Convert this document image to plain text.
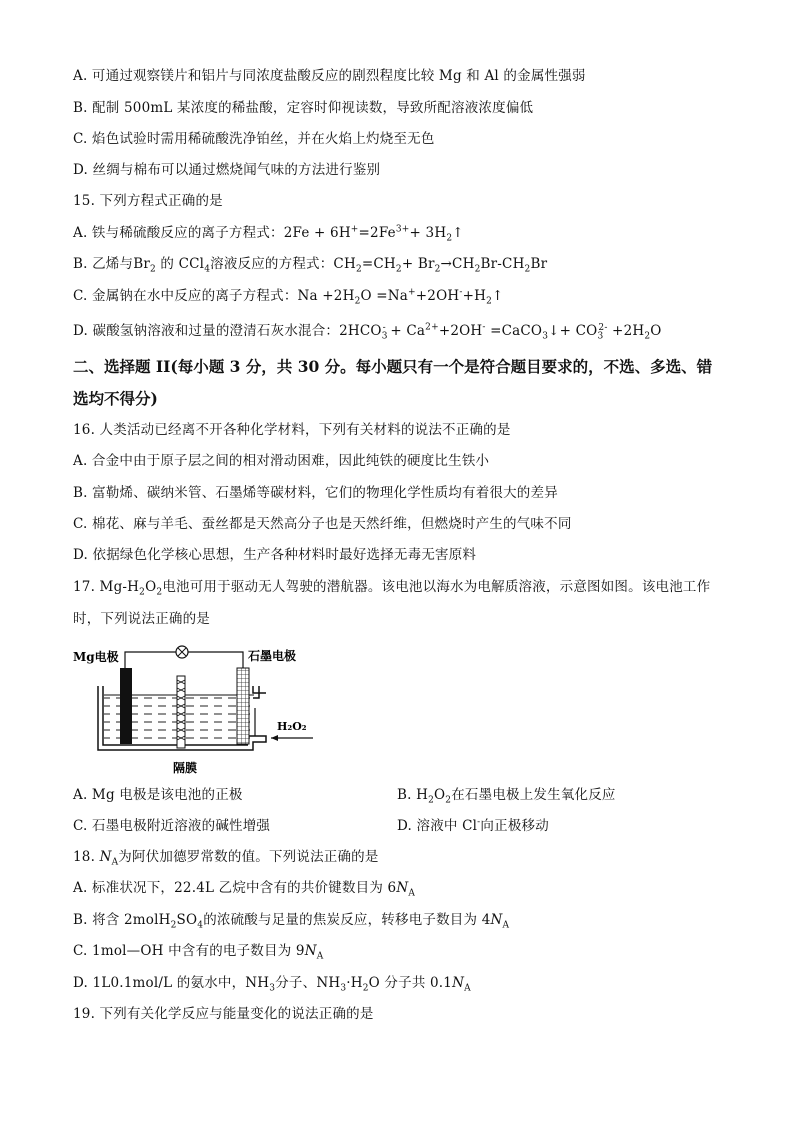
A. 可通过观察镁片和铝片与同浓度盐酸反应的剧烈程度比较 Mg 和 Al 的金属性强弱
B. 配制 500mL 某浓度的稀盐酸，定容时仰视读数，导致所配溶液浓度偏低
C. 焰色试验时需用稀硫酸洗净铂丝，并在火焰上灼烧至无色
D. 丝绸与棉布可以通过燃烧闻气味的方法进行鉴别
15. 下列方程式正确的是
A. 铁与稀硫酸反应的离子方程式：$2Fe + 6H^+=2Fe^{3+}+$ $3H_2↑$
B. 乙烯与$Br_2$ 的 CCl$_4$溶液反应的方程式：$CH_2=CH_2+ Br_2\to CH_2Br-CH_2Br$
C. 金属钠在水中反应的离子方程式：$Na +2H_2O$ $=Na^++2OH^-+H_2↑$
D. 碳酸氢钠溶液和过量的澄清石灰水混合：$2HCO_3^- + Ca^{2+}+2OH^-$ =CaCO$_3$↓+ $CO_3^{2-} +2H_2O$
二、选择题 II(每小题 3 分，共 30 分。每小题只有一个是符合题目要求的，不选、多选、错
选均不得分)
16. 人类活动已经离不开各种化学材料，下列有关材料的说法不正确的是
A. 合金中由于原子层之间的相对滑动困难，因此纯铁的硬度比生铁小
B. 富勒烯、碳纳米管、石墨烯等碳材料，它们的物理化学性质均有着很大的差异
C. 棉花、麻与羊毛、蚕丝都是天然高分子也是天然纤维，但燃烧时产生的气味不同
D. 依据绿色化学核心思想，生产各种材料时最好选择无毒无害原料
17. $Mg-H_2O_2$电池可用于驱动无人驾驶的潜航器。该电池以海水为电解质溶液，示意图如图。该电池工作
时，下列说法正确的是
Mg电极	石墨电极
H₂O₂
隔膜
A. Mg 电极是该电池的正极	B. $H_2O_2$在石墨电极上发生氧化反应
C. 石墨电极附近溶液的碱性增强	D. 溶液中 Cl-向正极移动
18. $N_A$为阿伏加德罗常数的值。下列说法正确的是
A. 标准状况下，22.4L 乙烷中含有的共价键数目为 $6N_A$
B. 将含 $2molH_2SO_4$的浓硫酸与足量的焦炭反应，转移电子数目为 $4N_A$
C. 1mol—OH 中含有的电子数目为 $9N_A$
D. 1L0.1mol/L 的氨水中，$NH_3$分子、$NH_3\cdot H_2O$ 分子共 $0.1N_A$
19. 下列有关化学反应与能量变化的说法正确的是
